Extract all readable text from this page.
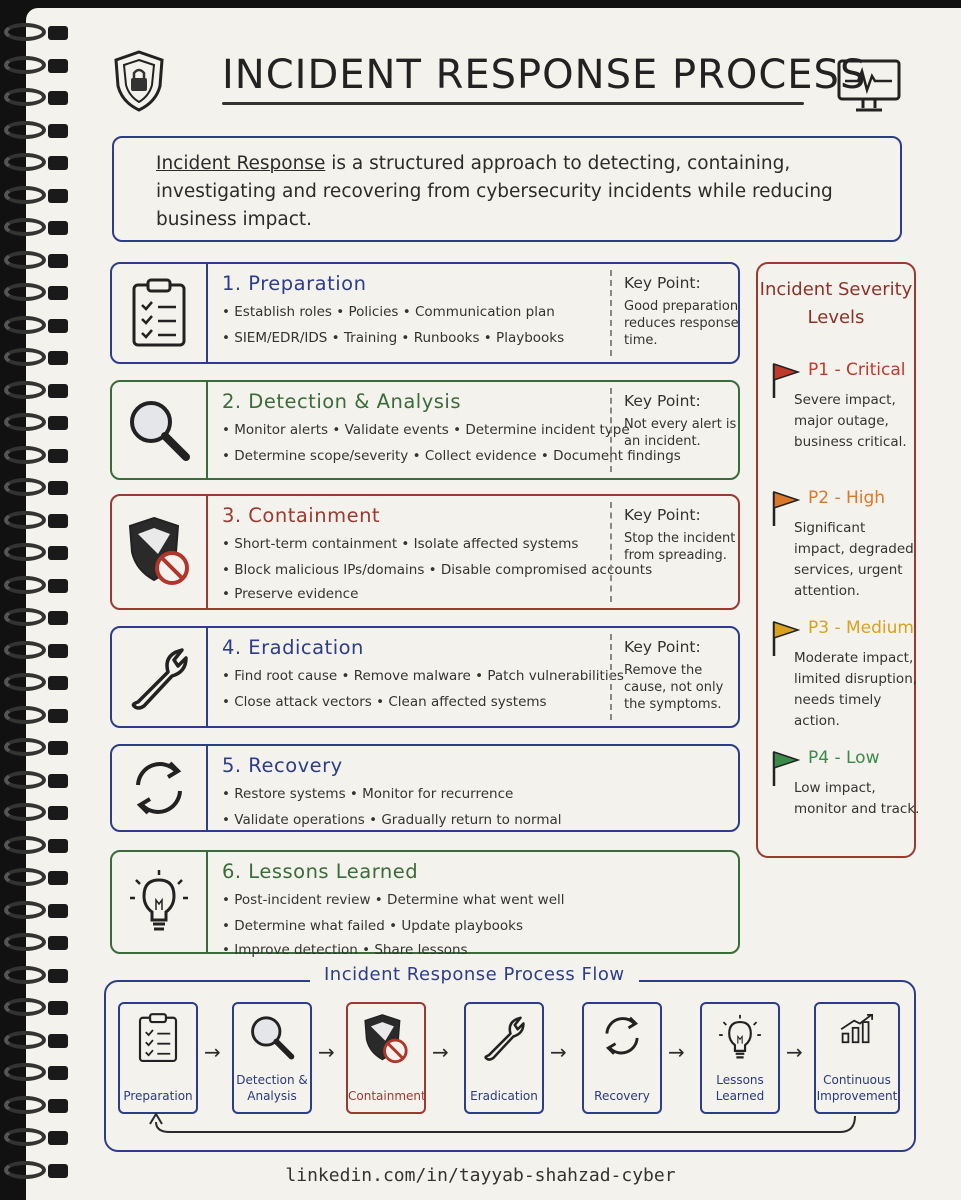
INCIDENT RESPONSE PROCESS
Incident Response is a structured approach to detecting, containing, investigating and recovering from cybersecurity incidents while reducing business impact.
1. Preparation
• Establish roles • Policies • Communication plan
• SIEM/EDR/IDS • Training • Runbooks • Playbooks
Key Point:
Good preparation reduces response time.
2. Detection & Analysis
• Monitor alerts • Validate events • Determine incident type
• Determine scope/severity • Collect evidence • Document findings
Key Point:
Not every alert is an incident.
3. Containment
• Short-term containment • Isolate affected systems
• Block malicious IPs/domains • Disable compromised accounts
• Preserve evidence
Key Point:
Stop the incident from spreading.
4. Eradication
• Find root cause • Remove malware • Patch vulnerabilities
• Close attack vectors • Clean affected systems
Key Point:
Remove the cause, not only the symptoms.
5. Recovery
• Restore systems • Monitor for recurrence
• Validate operations • Gradually return to normal
6. Lessons Learned
• Post-incident review • Determine what went well
• Determine what failed • Update playbooks
• Improve detection • Share lessons
Incident Severity Levels
P1 - Critical
Severe impact, major outage, business critical.
P2 - High
Significant impact, degraded services, urgent attention.
P3 - Medium
Moderate impact, limited disruption, needs timely action.
P4 - Low
Low impact, monitor and track.
Incident Response Process Flow
Preparation
→
Detection & Analysis
→
Containment
→
Eradication
→
Recovery
→
Lessons Learned
→
Continuous Improvement
linkedin.com/in/tayyab-shahzad-cyber
